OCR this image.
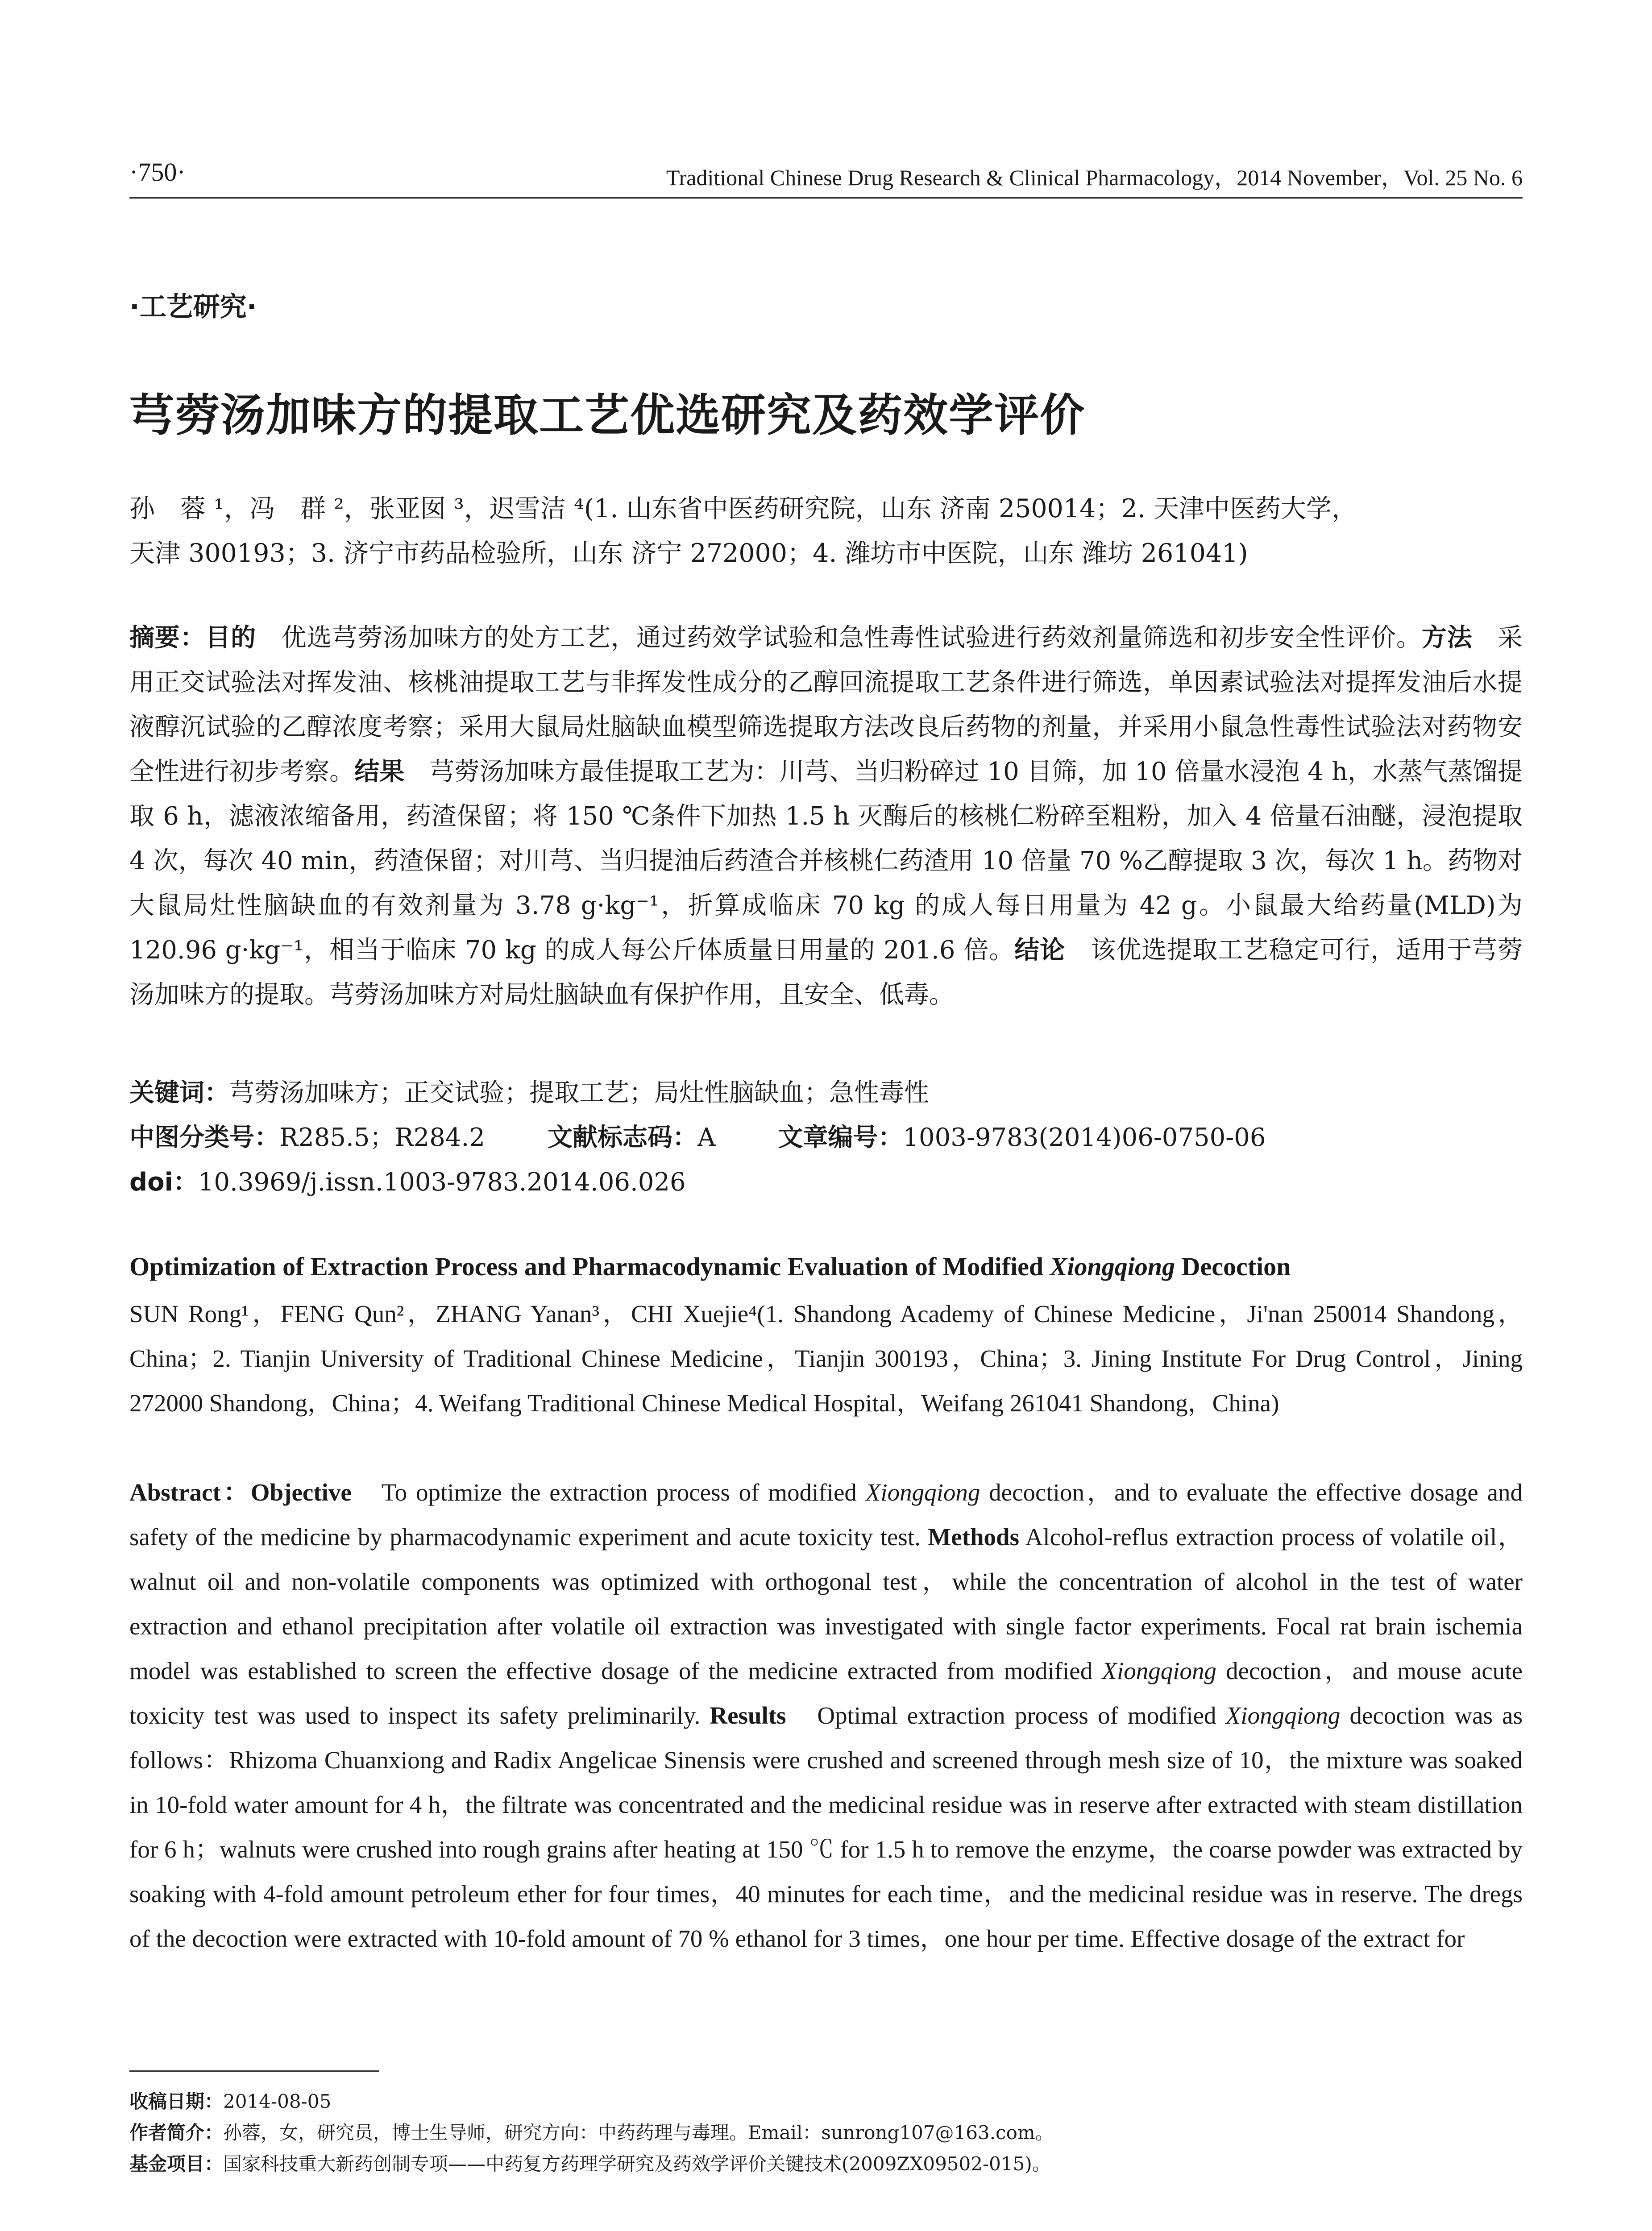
·750·	Traditional Chinese Drug Research & Clinical Pharmacology，2014 November，Vol. 25 No. 6
·工艺研究·
芎䓖汤加味方的提取工艺优选研究及药效学评价
孙　蓉 ¹，冯　群 ²，张亚囡 ³，迟雪洁 ⁴(1. 山东省中医药研究院，山东 济南 250014；2. 天津中医药大学，
天津 300193；3. 济宁市药品检验所，山东 济宁 272000；4. 潍坊市中医院，山东 潍坊 261041)
摘要：目的　优选芎䓖汤加味方的处方工艺，通过药效学试验和急性毒性试验进行药效剂量筛选和初步安全性评价。方法　采用正交试验法对挥发油、核桃油提取工艺与非挥发性成分的乙醇回流提取工艺条件进行筛选，单因素试验法对提挥发油后水提液醇沉试验的乙醇浓度考察；采用大鼠局灶脑缺血模型筛选提取方法改良后药物的剂量，并采用小鼠急性毒性试验法对药物安全性进行初步考察。结果　芎䓖汤加味方最佳提取工艺为：川芎、当归粉碎过 10 目筛，加 10 倍量水浸泡 4 h，水蒸气蒸馏提取 6 h，滤液浓缩备用，药渣保留；将 150 ℃条件下加热 1.5 h 灭酶后的核桃仁粉碎至粗粉，加入 4 倍量石油醚，浸泡提取 4 次，每次 40 min，药渣保留；对川芎、当归提油后药渣合并核桃仁药渣用 10 倍量 70 %乙醇提取 3 次，每次 1 h。药物对大鼠局灶性脑缺血的有效剂量为 3.78 g·kg⁻¹，折算成临床 70 kg 的成人每日用量为 42 g。小鼠最大给药量(MLD)为 120.96 g·kg⁻¹，相当于临床 70 kg 的成人每公斤体质量日用量的 201.6 倍。结论　该优选提取工艺稳定可行，适用于芎䓖汤加味方的提取。芎䓖汤加味方对局灶脑缺血有保护作用，且安全、低毒。
关键词：芎䓖汤加味方；正交试验；提取工艺；局灶性脑缺血；急性毒性
中图分类号：R285.5；R284.2	文献标志码：A	文章编号：1003-9783(2014)06-0750-06
doi：10.3969/j.issn.1003-9783.2014.06.026
Optimization of Extraction Process and Pharmacodynamic Evaluation of Modified Xiongqiong Decoction
SUN Rong¹，FENG Qun²，ZHANG Yanan³，CHI Xuejie⁴(1. Shandong Academy of Chinese Medicine，Ji'nan 250014 Shandong，China；2. Tianjin University of Traditional Chinese Medicine，Tianjin 300193，China；3. Jining Institute For Drug Control，Jining 272000 Shandong，China；4. Weifang Traditional Chinese Medical Hospital，Weifang 261041 Shandong，China)
Abstract：Objective　To optimize the extraction process of modified Xiongqiong decoction，and to evaluate the effective dosage and safety of the medicine by pharmacodynamic experiment and acute toxicity test. Methods Alcohol-reflus extraction process of volatile oil，walnut oil and non-volatile components was optimized with orthogonal test，while the concentration of alcohol in the test of water extraction and ethanol precipitation after volatile oil extraction was investigated with single factor experiments. Focal rat brain ischemia model was established to screen the effective dosage of the medicine extracted from modified Xiongqiong decoction，and mouse acute toxicity test was used to inspect its safety preliminarily. Results　Optimal extraction process of modified Xiongqiong decoction was as follows：Rhizoma Chuanxiong and Radix Angelicae Sinensis were crushed and screened through mesh size of 10，the mixture was soaked in 10-fold water amount for 4 h，the filtrate was concentrated and the medicinal residue was in reserve after extracted with steam distillation for 6 h；walnuts were crushed into rough grains after heating at 150 ℃ for 1.5 h to remove the enzyme，the coarse powder was extracted by soaking with 4-fold amount petroleum ether for four times，40 minutes for each time，and the medicinal residue was in reserve. The dregs of the decoction were extracted with 10-fold amount of 70 % ethanol for 3 times，one hour per time. Effective dosage of the extract for
收稿日期：2014-08-05
作者简介：孙蓉，女，研究员，博士生导师，研究方向：中药药理与毒理。Email：sunrong107@163.com。
基金项目：国家科技重大新药创制专项——中药复方药理学研究及药效学评价关键技术(2009ZX09502-015)。
